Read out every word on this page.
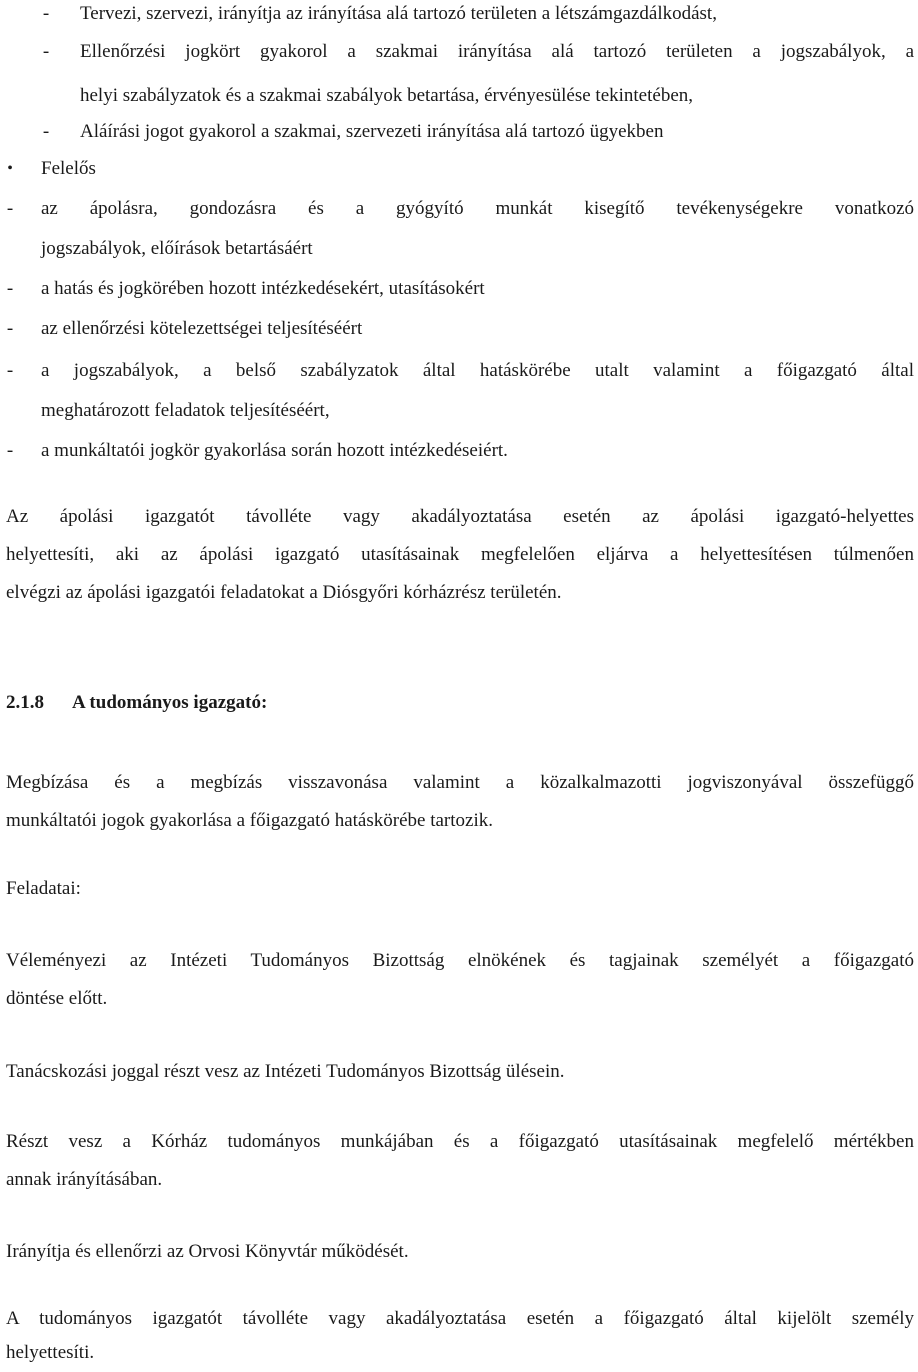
-	Tervezi, szervezi, irányítja az irányítása alá tartozó területen a létszámgazdálkodást,
-	Ellenőrzési jogkört gyakorol a szakmai irányítása alá tartozó területen a jogszabályok, a
helyi szabályzatok és a szakmai szabályok betartása, érvényesülése tekintetében,
-	Aláírási jogot gyakorol a szakmai, szervezeti irányítása alá tartozó ügyekben
•	Felelős
-	az ápolásra, gondozásra és a gyógyító munkát kisegítő tevékenységekre vonatkozó
jogszabályok, előírások betartásáért
-	a hatás és jogkörében hozott intézkedésekért, utasításokért
-	az ellenőrzési kötelezettségei teljesítéséért
-	a jogszabályok, a belső szabályzatok által hatáskörébe utalt valamint a főigazgató által
meghatározott feladatok teljesítéséért,
-	a munkáltatói jogkör gyakorlása során hozott intézkedéseiért.
Az ápolási igazgatót távolléte vagy akadályoztatása esetén az ápolási igazgató-helyettes
helyettesíti, aki az ápolási igazgató utasításainak megfelelően eljárva a helyettesítésen túlmenően
elvégzi az ápolási igazgatói feladatokat a Diósgyőri kórházrész területén.
2.1.8 A tudományos igazgató:
Megbízása és a megbízás visszavonása valamint a közalkalmazotti jogviszonyával összefüggő
munkáltatói jogok gyakorlása a főigazgató hatáskörébe tartozik.
Feladatai:
Véleményezi az Intézeti Tudományos Bizottság elnökének és tagjainak személyét a főigazgató
döntése előtt.
Tanácskozási joggal részt vesz az Intézeti Tudományos Bizottság ülésein.
Részt vesz a Kórház tudományos munkájában és a főigazgató utasításainak megfelelő mértékben
annak irányításában.
Irányítja és ellenőrzi az Orvosi Könyvtár működését.
A tudományos igazgatót távolléte vagy akadályoztatása esetén a főigazgató által kijelölt személy
helyettesíti.
